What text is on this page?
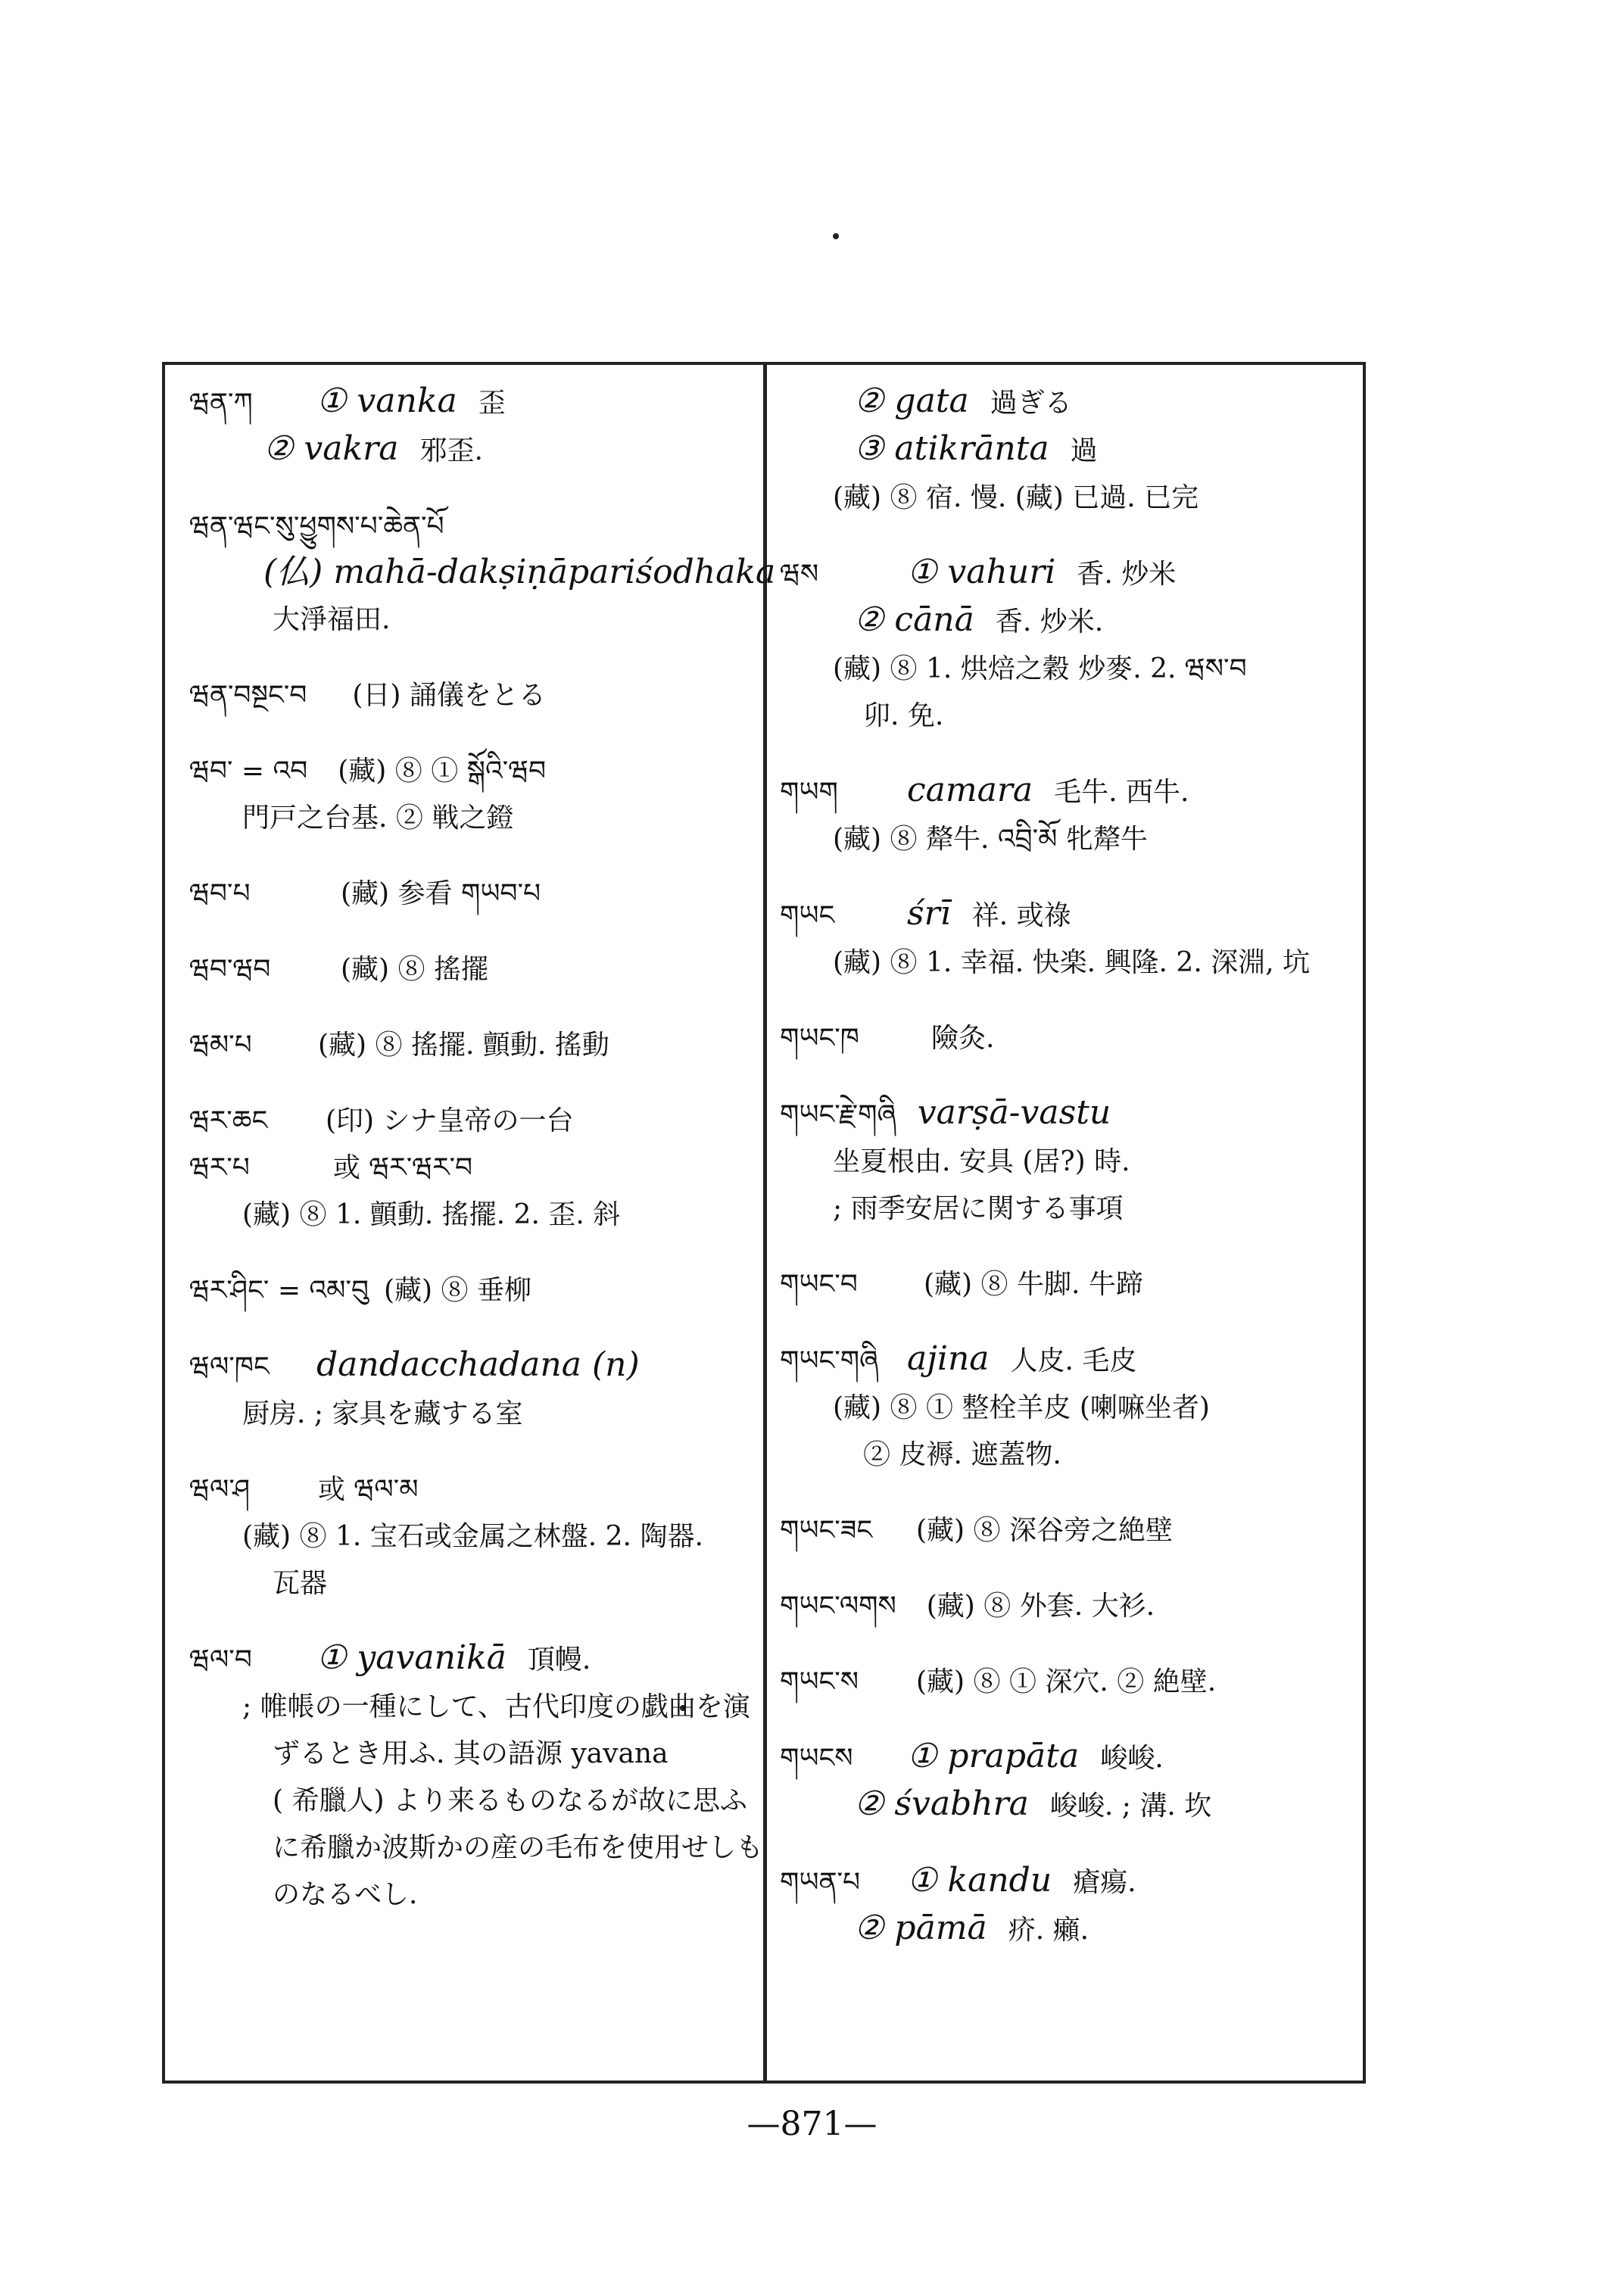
ཝན་ཀ ① vanka 歪
② vakra 邪歪.
ཝན་ཝང་སུ་ཕྱུགས་པ་ཆེན་པོ
(仏) mahā-dakṣiṇāpariśodhaka
大淨福田.
ཝན་བསྔང་བ (日) 誦儀をとる
ཝབ་ = འབ (藏) ⑧ ① སྒོའི་ཝབ
門戸之台基. ② 戦之鐙
ཝབ་པ	(藏) 参看 གཡབ་པ
ཝབ་ཝབ	(藏) ⑧ 搖擺
ཝམ་པ (藏) ⑧ 搖擺. 顫動. 搖動
ཝར་ཆང (印) シナ皇帝の一台
ཝར་པ	或 ཝར་ཝར་བ
(藏) ⑧ 1. 顫動. 搖擺. 2. 歪. 斜
ཝར་ཤིང་ = འམ་བུ (藏) ⑧ 垂柳
ཝལ་ཁང dandacchadana (n)
厨房. ; 家具を藏する室
ཝལ་ཤ 或 ཝལ་མ
(藏) ⑧ 1. 宝石或金属之林盤. 2. 陶器.
瓦器
ཝལ་བ ① yavanikā 頂幔.
; 帷帳の一種にして、古代印度の戯曲を演
ずるとき用ふ. 其の語源 yavana
( 希臘人) より来るものなるが故に思ふ
に希臘か波斯かの産の毛布を使用せしも
のなるべし.
② gata 過ぎる
③ atikrānta 過
(藏) ⑧ 宿. 慢. (藏) 已過. 已完
ཝས	① vahuri 香. 炒米
② cānā 香. 炒米.
(藏) ⑧ 1. 烘焙之穀 炒麥. 2. ཝས་བ
卯. 免.
གཡག camara 毛牛. 西牛.
(藏) ⑧ 犛牛. འབྲི་མོ 牝犛牛
གཡང śrī 祥. 或祿
(藏) ⑧ 1. 幸福. 快楽. 興隆. 2. 深淵, 坑
གཡང་ཁ	險灸.
གཡང་རྗེ་གཞི varṣā-vastu
坐夏根由. 安具 (居?) 時.
; 雨季安居に関する事項
གཡང་བ (藏) ⑧ 牛脚. 牛蹄
གཡང་གཞི ajina 人皮. 毛皮
(藏) ⑧ ① 整栓羊皮 (喇嘛坐者)
② 皮褥. 遮蓋物.
གཡང་ཟང (藏) ⑧ 深谷旁之絶壁
གཡང་ལགས (藏) ⑧ 外套. 大衫.
གཡང་ས (藏) ⑧ ① 深穴. ② 絶壁.
གཡངས ① prapāta 峻峻.
② śvabhra 峻峻. ; 溝. 坎
གཡན་པ ① kandu 瘡瘍.
② pāmā 疥. 癩.
—871—
